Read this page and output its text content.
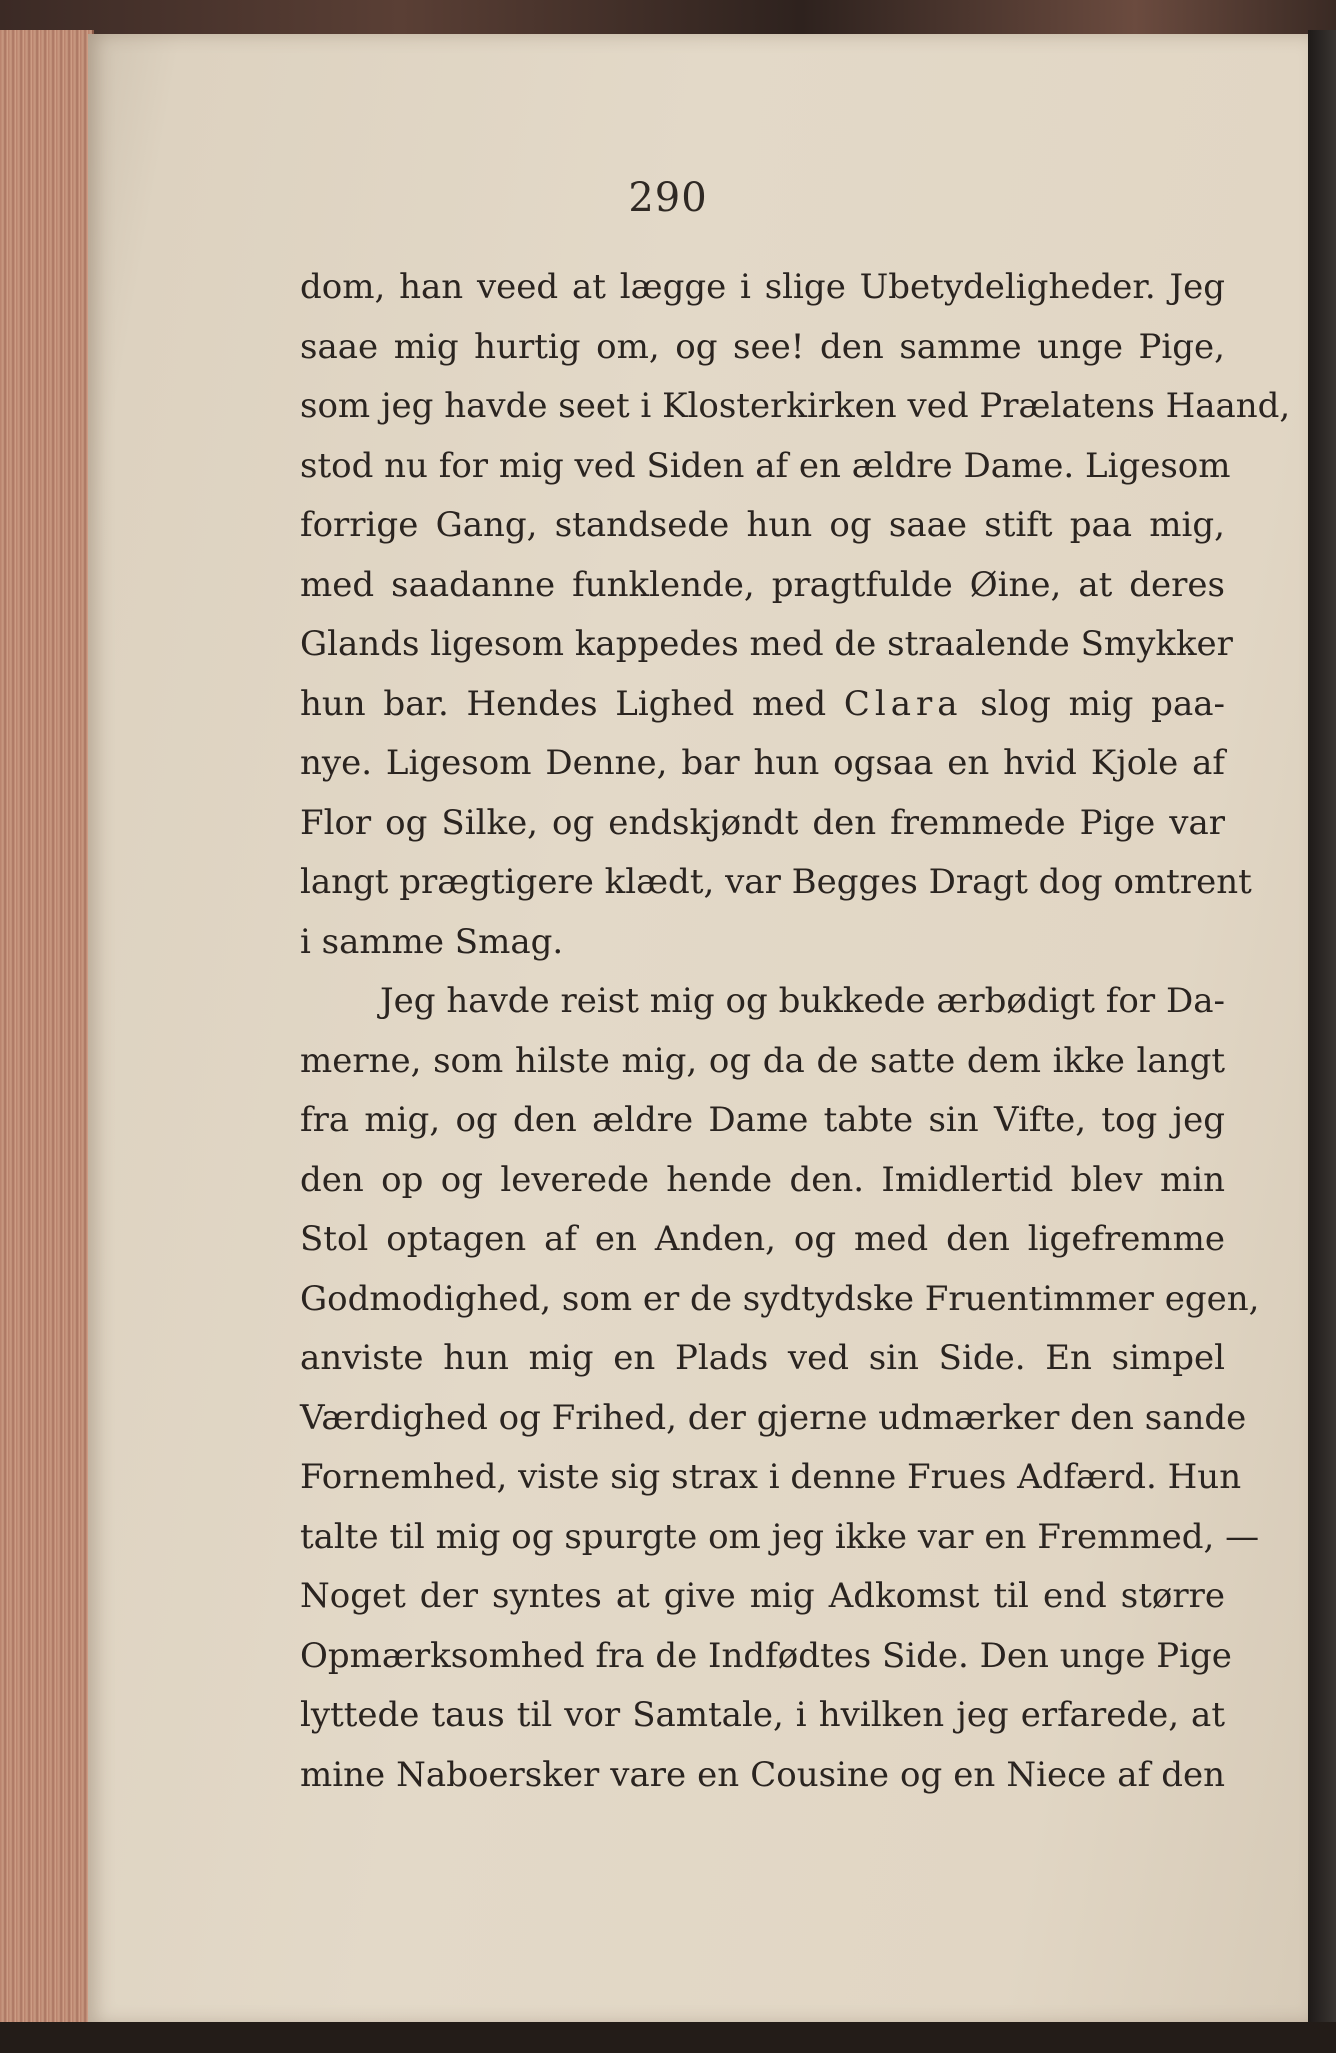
290
dom, han veed at lægge i slige Ubetydeligheder. Jeg
saae mig hurtig om, og see! den samme unge Pige,
som jeg havde seet i Klosterkirken ved Prælatens Haand,
stod nu for mig ved Siden af en ældre Dame. Ligesom
forrige Gang, standsede hun og saae stift paa mig,
med saadanne funklende, pragtfulde Øine, at deres
Glands ligesom kappedes med de straalende Smykker
hun bar. Hendes Lighed med Clara slog mig paa-
nye. Ligesom Denne, bar hun ogsaa en hvid Kjole af
Flor og Silke, og endskjøndt den fremmede Pige var
langt prægtigere klædt, var Begges Dragt dog omtrent
i samme Smag.
Jeg havde reist mig og bukkede ærbødigt for Da-
merne, som hilste mig, og da de satte dem ikke langt
fra mig, og den ældre Dame tabte sin Vifte, tog jeg
den op og leverede hende den. Imidlertid blev min
Stol optagen af en Anden, og med den ligefremme
Godmodighed, som er de sydtydske Fruentimmer egen,
anviste hun mig en Plads ved sin Side. En simpel
Værdighed og Frihed, der gjerne udmærker den sande
Fornemhed, viste sig strax i denne Frues Adfærd. Hun
talte til mig og spurgte om jeg ikke var en Fremmed, —
Noget der syntes at give mig Adkomst til end større
Opmærksomhed fra de Indfødtes Side. Den unge Pige
lyttede taus til vor Samtale, i hvilken jeg erfarede, at
mine Naboersker vare en Cousine og en Niece af den
